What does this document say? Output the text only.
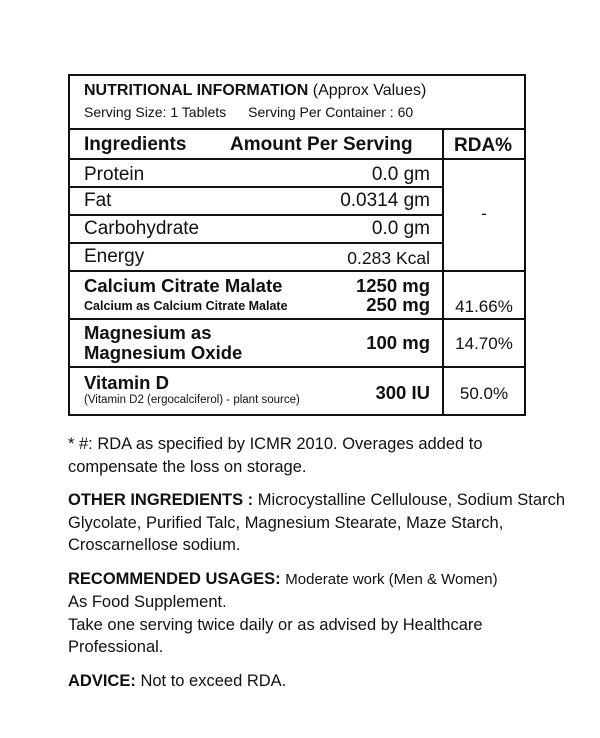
NUTRITIONAL INFORMATION (Approx Values)
Serving Size: 1 Tablets Serving Per Container : 60
Ingredients Amount Per Serving RDA%
Protein	0.0 gm
Fat	0.0314 gm
Carbohydrate	0.0 gm
Energy	0.283 Kcal
-
Calcium Citrate Malate	1250 mg
Calcium as Calcium Citrate Malate	250 mg	41.66%
Magnesium as
Magnesium Oxide	100 mg	14.70%
Vitamin D
(Vitamin D2 (ergocalciferol) - plant source)	300 IU	50.0%

* #: RDA as specified by ICMR 2010. Overages added to compensate the loss on storage.

OTHER INGREDIENTS : Microcystalline Cellulouse, Sodium Starch Glycolate, Purified Talc, Magnesium Stearate, Maze Starch, Croscarnellose sodium.

RECOMMENDED USAGES: Moderate work (Men & Women)

As Food Supplement.

Take one serving twice daily or as advised by Healthcare Professional.

ADVICE: Not to exceed RDA.
